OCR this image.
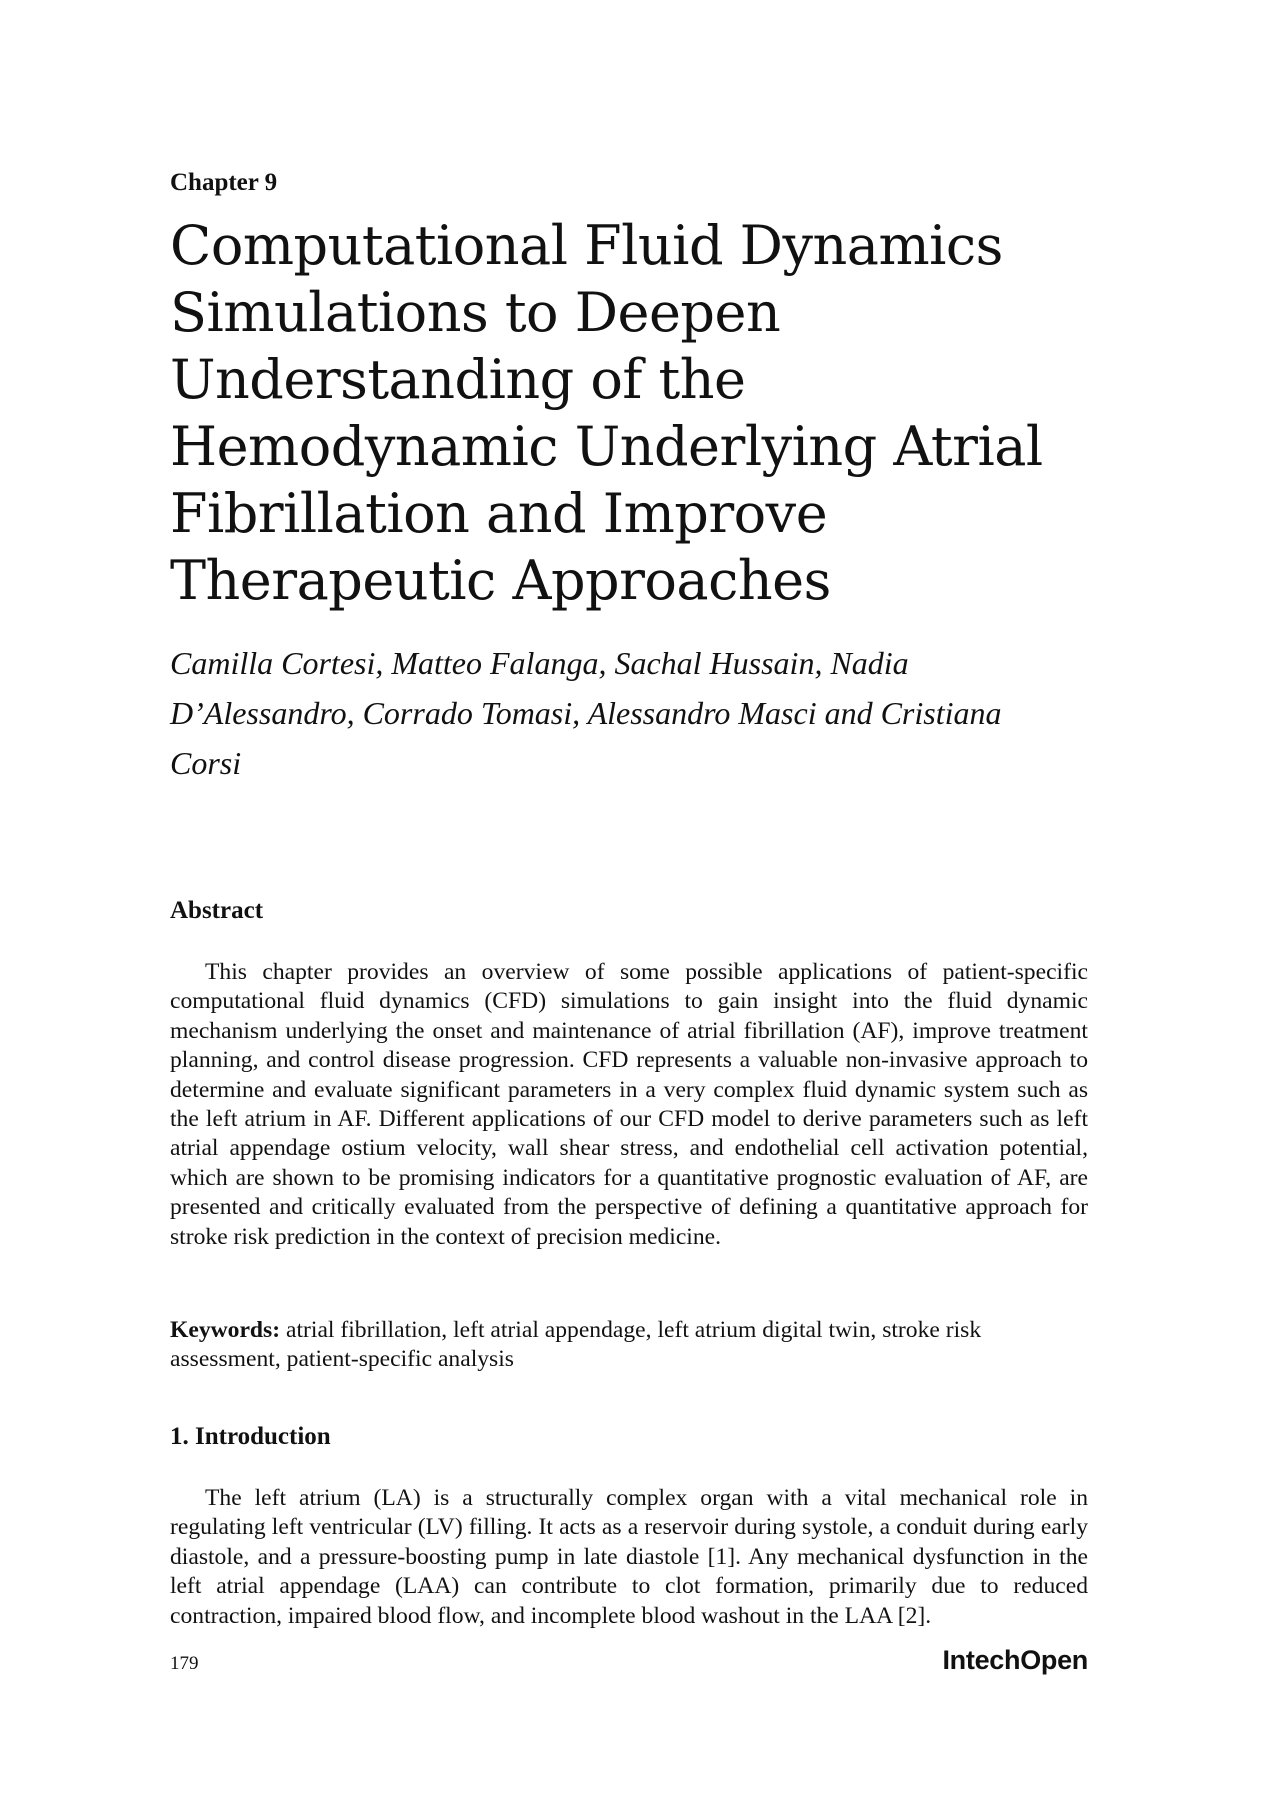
Chapter 9
Computational Fluid Dynamics Simulations to Deepen Understanding of the Hemodynamic Underlying Atrial Fibrillation and Improve Therapeutic Approaches
Camilla Cortesi, Matteo Falanga, Sachal Hussain, Nadia D’Alessandro, Corrado Tomasi, Alessandro Masci and Cristiana Corsi
Abstract

This chapter provides an overview of some possible applications of patient-specific computational fluid dynamics (CFD) simulations to gain insight into the fluid dynamic mechanism underlying the onset and maintenance of atrial fibrillation (AF), improve treatment planning, and control disease progression. CFD represents a valuable non-invasive approach to determine and evaluate significant parameters in a very complex fluid dynamic system such as the left atrium in AF. Different applications of our CFD model to derive parameters such as left atrial appendage ostium velocity, wall shear stress, and endothelial cell activation potential, which are shown to be promising indicators for a quantitative prognostic evaluation of AF, are presented and critically evaluated from the perspective of defining a quantitative approach for stroke risk prediction in the context of precision medicine.

Keywords: atrial fibrillation, left atrial appendage, left atrium digital twin, stroke risk assessment, patient-specific analysis

1. Introduction

The left atrium (LA) is a structurally complex organ with a vital mechanical role in regulating left ventricular (LV) filling. It acts as a reservoir during systole, a conduit during early diastole, and a pressure-boosting pump in late diastole [1]. Any mechanical dysfunction in the left atrial appendage (LAA) can contribute to clot formation, primarily due to reduced contraction, impaired blood flow, and incomplete blood washout in the LAA [2].

179	IntechOpen
